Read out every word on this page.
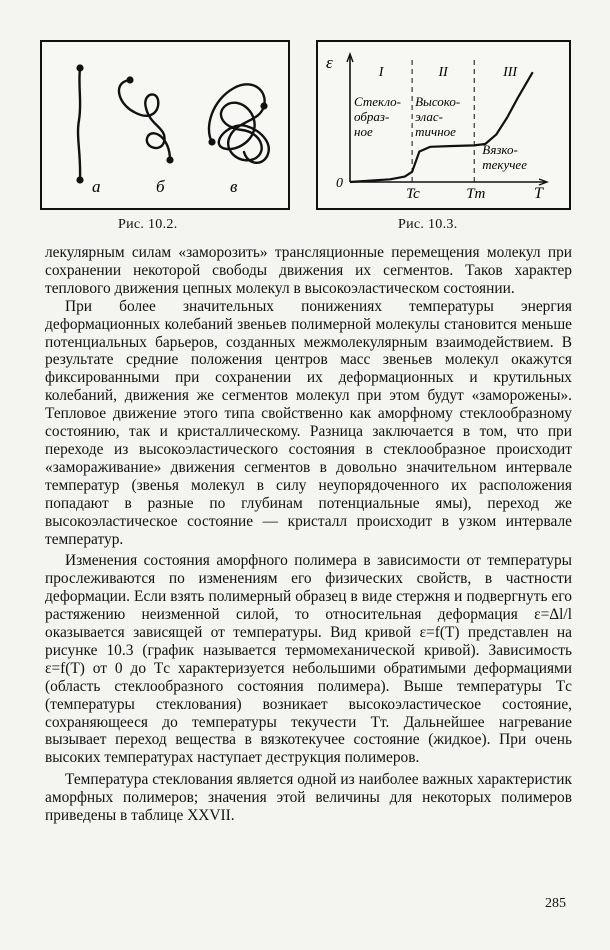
а	б	в
Рис. 10.2.
ε
T
0
Tc	Tm
I	II	III
Стекло-образ-ное
Высоко-элас-тичное
Вязко-текучее
Рис. 10.3.

лекулярным силам «заморозить» трансляционные перемещения молекул при сохранении некоторой свободы движения их сегментов. Таков характер теплового движения цепных молекул в высокоэластическом состоянии.

При более значительных понижениях температуры энергия деформационных колебаний звеньев полимерной молекулы становится меньше потенциальных барьеров, созданных межмолекулярным взаимодействием. В результате средние положения центров масс звеньев молекул окажутся фиксированными при сохранении их деформационных и крутильных колебаний, движения же сегментов молекул при этом будут «заморожены». Тепловое движение этого типа свойственно как аморфному стеклообразному состоянию, так и кристаллическому. Разница заключается в том, что при переходе из высокоэластического состояния в стеклообразное происходит «замораживание» движения сегментов в довольно значительном интервале температур (звенья молекул в силу неупорядоченного их расположения попадают в разные по глубинам потенциальные ямы), переход же высокоэластическое состояние — кристалл происходит в узком интервале температур.

Изменения состояния аморфного полимера в зависимости от температуры прослеживаются по изменениям его физических свойств, в частности деформации. Если взять полимерный образец в виде стержня и подвергнуть его растяжению неизменной силой, то относительная деформация ε=Δl/l оказывается зависящей от температуры. Вид кривой ε=f(T) представлен на рисунке 10.3 (график называется термомеханической кривой). Зависимость ε=f(T) от 0 до Tс характеризуется небольшими обратимыми деформациями (область стеклообразного состояния полимера). Выше температуры Tс (температуры стеклования) возникает высокоэластическое состояние, сохраняющееся до температуры текучести Tт. Дальнейшее нагревание вызывает переход вещества в вязкотекучее состояние (жидкое). При очень высоких температурах наступает деструкция полимеров.

Температура стеклования является одной из наиболее важных характеристик аморфных полимеров; значения этой величины для некоторых полимеров приведены в таблице XXVII.

285
